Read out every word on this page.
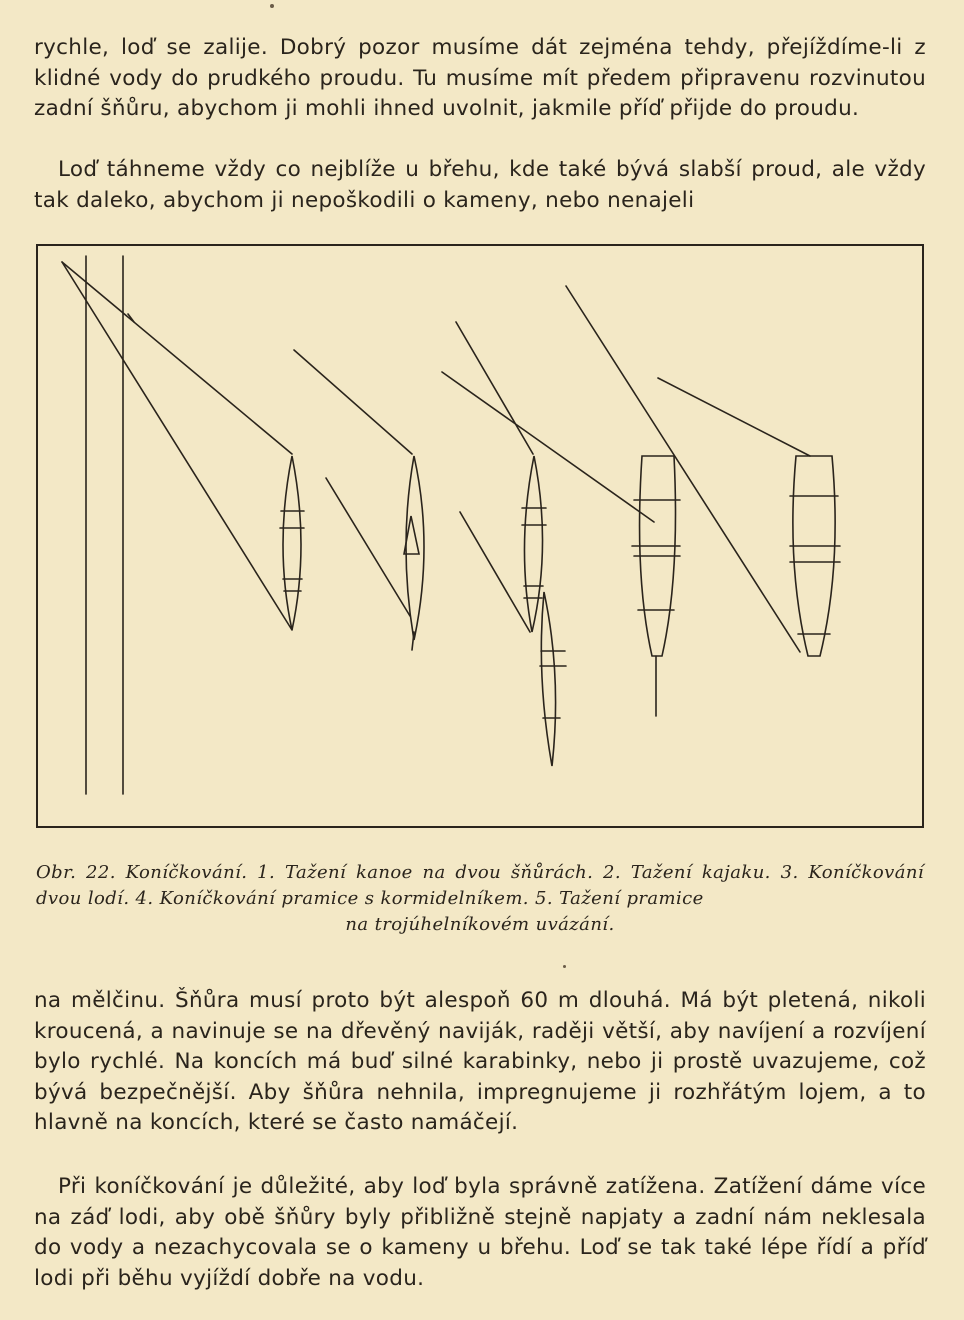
rychle, loď se zalije. Dobrý pozor musíme dát zejména tehdy, přejíždíme-li z klidné vody do prudkého proudu. Tu musíme mít předem připravenu rozvinutou zadní šňůru, abychom ji mohli ihned uvolnit, jakmile příď přijde do proudu.

Loď táhneme vždy co nejblíže u břehu, kde také bývá slabší proud, ale vždy tak daleko, abychom ji nepoškodili o kameny, nebo nenajeli

Obr. 22. Koníčkování. 1. Tažení kanoe na dvou šňůrách. 2. Tažení kajaku. 3. Koníčkování dvou lodí. 4. Koníčkování pramice s kormidelníkem. 5. Tažení pramice
na trojúhelníkovém uvázání.

na mělčinu. Šňůra musí proto být alespoň 60 m dlouhá. Má být pletená, nikoli kroucená, a navinuje se na dřevěný naviják, raději větší, aby navíjení a rozvíjení bylo rychlé. Na koncích má buď silné karabinky, nebo ji prostě uvazujeme, což bývá bezpečnější. Aby šňůra nehnila, impregnujeme ji rozhřátým lojem, a to hlavně na koncích, které se často namáčejí.

Při koníčkování je důležité, aby loď byla správně zatížena. Zatížení dáme více na záď lodi, aby obě šňůry byly přibližně stejně napjaty a zadní nám neklesala do vody a nezachycovala se o kameny u břehu. Loď se tak také lépe řídí a příď lodi při běhu vyjíždí dobře na vodu.
